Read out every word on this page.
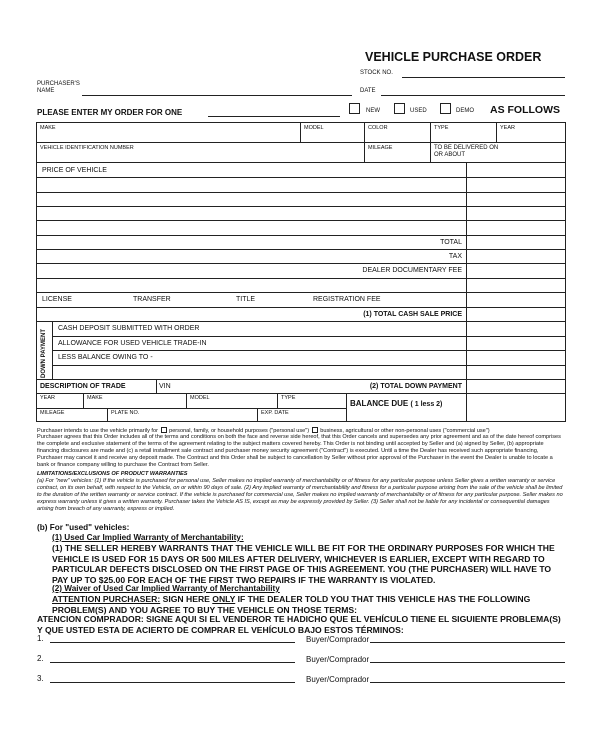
VEHICLE PURCHASE ORDER
STOCK NO.
PURCHASER'S NAME	DATE
PLEASE ENTER MY ORDER FOR ONE	NEW	USED	DEMO AS FOLLOWS
MAKE	MODEL	COLOR	TYPE	YEAR
VEHICLE IDENTIFICATION NUMBER	MILEAGE	TO BE DELIVERED ON OR ABOUT
PRICE OF VEHICLE
TOTAL
TAX
DEALER DOCUMENTARY FEE
LICENSE	TRANSFER	TITLE	REGISTRATION FEE
(1) TOTAL CASH SALE PRICE
DOWN PAYMENT
CASH DEPOSIT SUBMITTED WITH ORDER
ALLOWANCE FOR USED VEHICLE TRADE-IN
LESS BALANCE OWING TO -
DESCRIPTION OF TRADE	VIN	(2) TOTAL DOWN PAYMENT
YEAR	MAKE	MODEL	TYPE
MILEAGE	PLATE NO.	EXP. DATE
BALANCE DUE ( 1 less 2)
Purchaser intends to use the vehicle primarily for personal, family, or household purposes ("personal use") business, agricultural or other non-personal uses ("commercial use")
Purchaser agrees that this Order includes all of the terms and conditions on both the face and reverse side hereof, that this Order cancels and supersedes any prior agreement and as of the date hereof comprises the complete and exclusive statement of the terms of the agreement relating to the subject matters covered hereby. This Order is not binding until accepted by Seller and (a) signed by Seller, (b) appropriate financing disclosures are made and (c) a retail installment sale contract and purchaser money security agreement ("Contract") is executed. Until a time the Dealer has received such appropriate financing, Purchaser may cancel it and receive any deposit made. The Contract and this Order shall be subject to cancellation by Seller without prior approval of the Purchaser in the event the Dealer is unable to locate a bank or finance company willing to purchase the Contract from Seller.
LIMITATIONS/EXCLUSIONS OF PRODUCT WARRANTIES
(a) For "new" vehicles: (1) If the vehicle is purchased for personal use, Seller makes no implied warranty of merchantability or of fitness for any particular purpose unless Seller gives a written warranty or service contract, on its own behalf, with respect to the Vehicle, on or within 90 days of sale. (2) Any implied warranty of merchantability and fitness for a particular purpose arising from the sale of the vehicle shall be limited to the duration of the written warranty or service contract. If the vehicle is purchased for commercial use, Seller makes no implied warranty of merchantability or of fitness for any particular purpose. Seller makes no express warranty unless it gives a written warranty. Purchaser takes the Vehicle AS IS, except as may be expressly provided by Seller. (3) Seller shall not be liable for any incidental or consequential damages arising from breach of any warranty, express or implied.
(b) For "used" vehicles:
(1) Used Car Implied Warranty of Merchantability:
(1) THE SELLER HEREBY WARRANTS THAT THE VEHICLE WILL BE FIT FOR THE ORDINARY PURPOSES FOR WHICH THE VEHICLE IS USED FOR 15 DAYS OR 500 MILES AFTER DELIVERY, WHICHEVER IS EARLIER, EXCEPT WITH REGARD TO PARTICULAR DEFECTS DISCLOSED ON THE FIRST PAGE OF THIS AGREEMENT. YOU (THE PURCHASER) WILL HAVE TO PAY UP TO $25.00 FOR EACH OF THE FIRST TWO REPAIRS IF THE WARRANTY IS VIOLATED.
(2) Waiver of Used Car Implied Warranty of Merchantability
ATTENTION PURCHASER: SIGN HERE ONLY IF THE DEALER TOLD YOU THAT THIS VEHICLE HAS THE FOLLOWING PROBLEM(S) AND YOU AGREE TO BUY THE VEHICLE ON THOSE TERMS:
ATENCION COMPRADOR: SIGNE AQUI SI EL VENDEROR TE HADICHO QUE EL VEHÍCULO TIENE EL SIGUIENTE PROBLEMA(S) Y QUE USTED ESTA DE ACIERTO DE COMPRAR EL VEHÍCULO BAJO ESTOS TÉRMINOS:
1.	Buyer/Comprador
2.	Buyer/Comprador
3.	Buyer/Comprador
